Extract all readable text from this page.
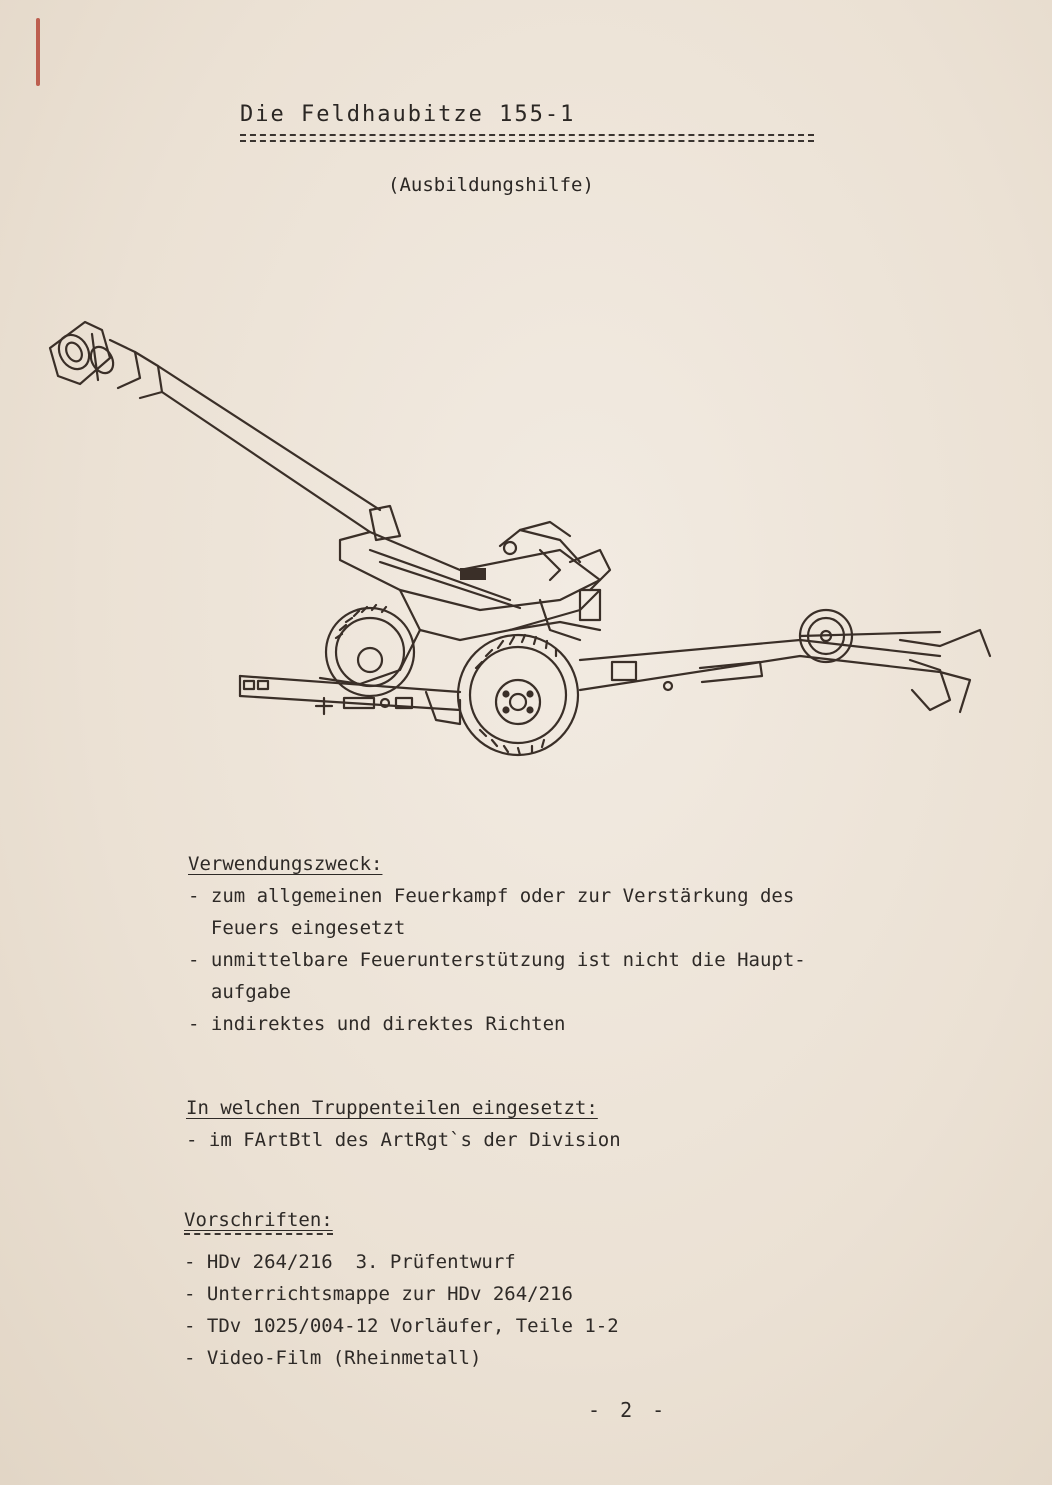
Die Feldhaubitze 155-1
(Ausbildungshilfe)
Verwendungszweck:
- zum allgemeinen Feuerkampf oder zur Verstärkung des
Feuers eingesetzt
- unmittelbare Feuerunterstützung ist nicht die Haupt-
aufgabe
- indirektes und direktes Richten
In welchen Truppenteilen eingesetzt:
- im FArtBtl des ArtRgt`s der Division
Vorschriften:
- HDv 264/216  3. Prüfentwurf
- Unterrichtsmappe zur HDv 264/216
- TDv 1025/004-12 Vorläufer, Teile 1-2
- Video-Film (Rheinmetall)
- 2 -
